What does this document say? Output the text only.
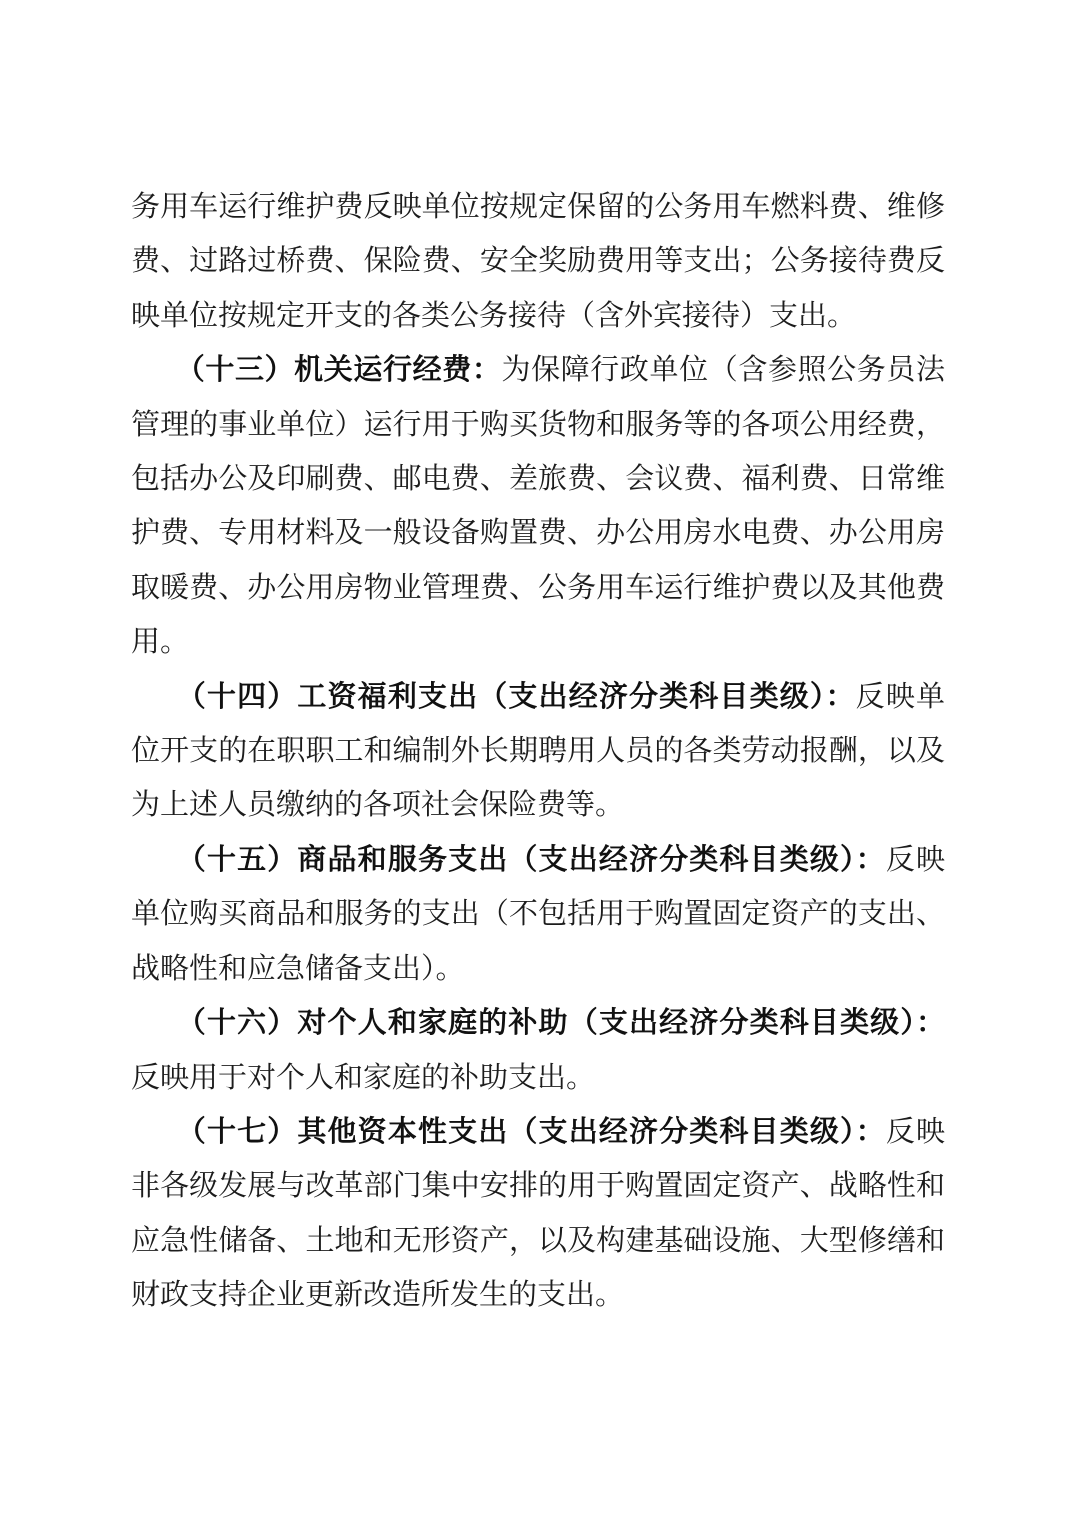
务用车运行维护费反映单位按规定保留的公务用车燃料费、维修
费、过路过桥费、保险费、安全奖励费用等支出；公务接待费反
映单位按规定开支的各类公务接待（含外宾接待）支出。
　　（十三）机关运行经费：为保障行政单位（含参照公务员法
管理的事业单位）运行用于购买货物和服务等的各项公用经费，
包括办公及印刷费、邮电费、差旅费、会议费、福利费、日常维
护费、专用材料及一般设备购置费、办公用房水电费、办公用房
取暖费、办公用房物业管理费、公务用车运行维护费以及其他费
用。
　　（十四）工资福利支出（支出经济分类科目类级）：反映单
位开支的在职职工和编制外长期聘用人员的各类劳动报酬，以及
为上述人员缴纳的各项社会保险费等。
　　（十五）商品和服务支出（支出经济分类科目类级）：反映
单位购买商品和服务的支出（不包括用于购置固定资产的支出、
战略性和应急储备支出）。
　　（十六）对个人和家庭的补助（支出经济分类科目类级）：
反映用于对个人和家庭的补助支出。
　　（十七）其他资本性支出（支出经济分类科目类级）：反映
非各级发展与改革部门集中安排的用于购置固定资产、战略性和
应急性储备、土地和无形资产，以及构建基础设施、大型修缮和
财政支持企业更新改造所发生的支出。
